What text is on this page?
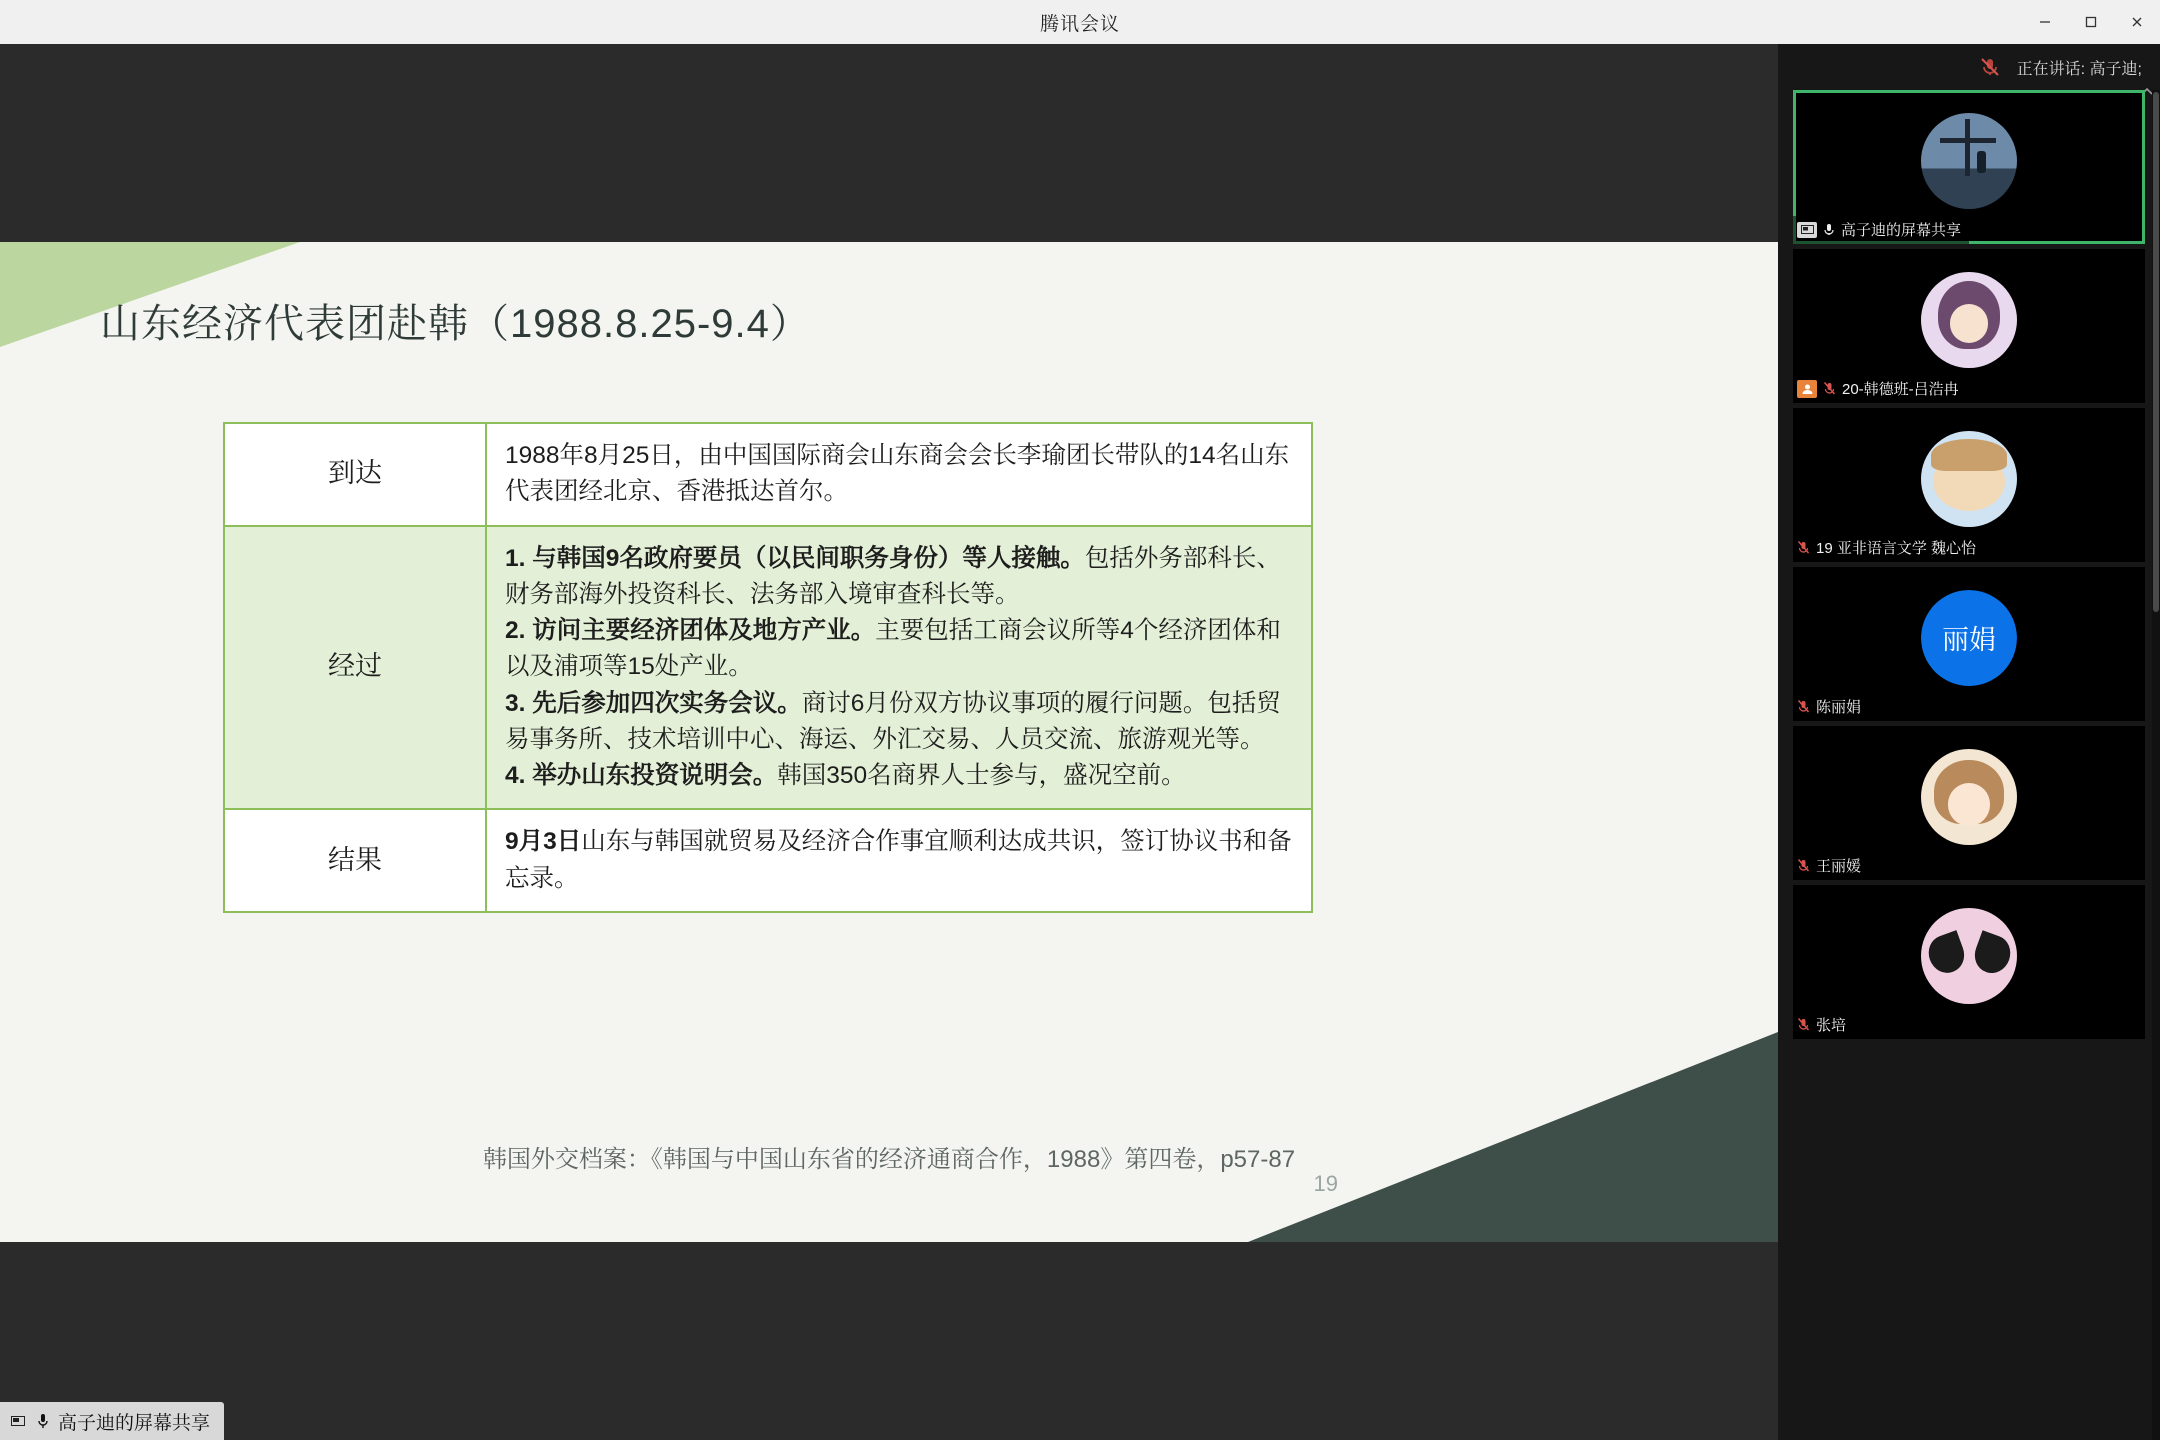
腾讯会议
19
山东经济代表团赴韩（1988.8.25-9.4）
到达	1988年8月25日，由中国国际商会山东商会会长李瑜团长带队的14名山东代表团经北京、香港抵达首尔。
经过	1. 与韩国9名政府要员（以民间职务身份）等人接触。包括外务部科长、财务部海外投资科长、法务部入境审查科长等。
2. 访问主要经济团体及地方产业。主要包括工商会议所等4个经济团体和以及浦项等15处产业。
3. 先后参加四次实务会议。商讨6月份双方协议事项的履行问题。包括贸易事务所、技术培训中心、海运、外汇交易、人员交流、旅游观光等。
4. 举办山东投资说明会。韩国350名商界人士参与，盛况空前。

结果	9月3日山东与韩国就贸易及经济合作事宜顺利达成共识，签订协议书和备忘录。
韩国外交档案：《韩国与中国山东省的经济通商合作，1988》第四卷，p57-87
高子迪的屏幕共享
正在讲话: 高子迪;
高子迪的屏幕共享
20-韩德班-吕浩冉
19 亚非语言文学 魏心怡
丽娟
陈丽娟
王丽媛
张培
